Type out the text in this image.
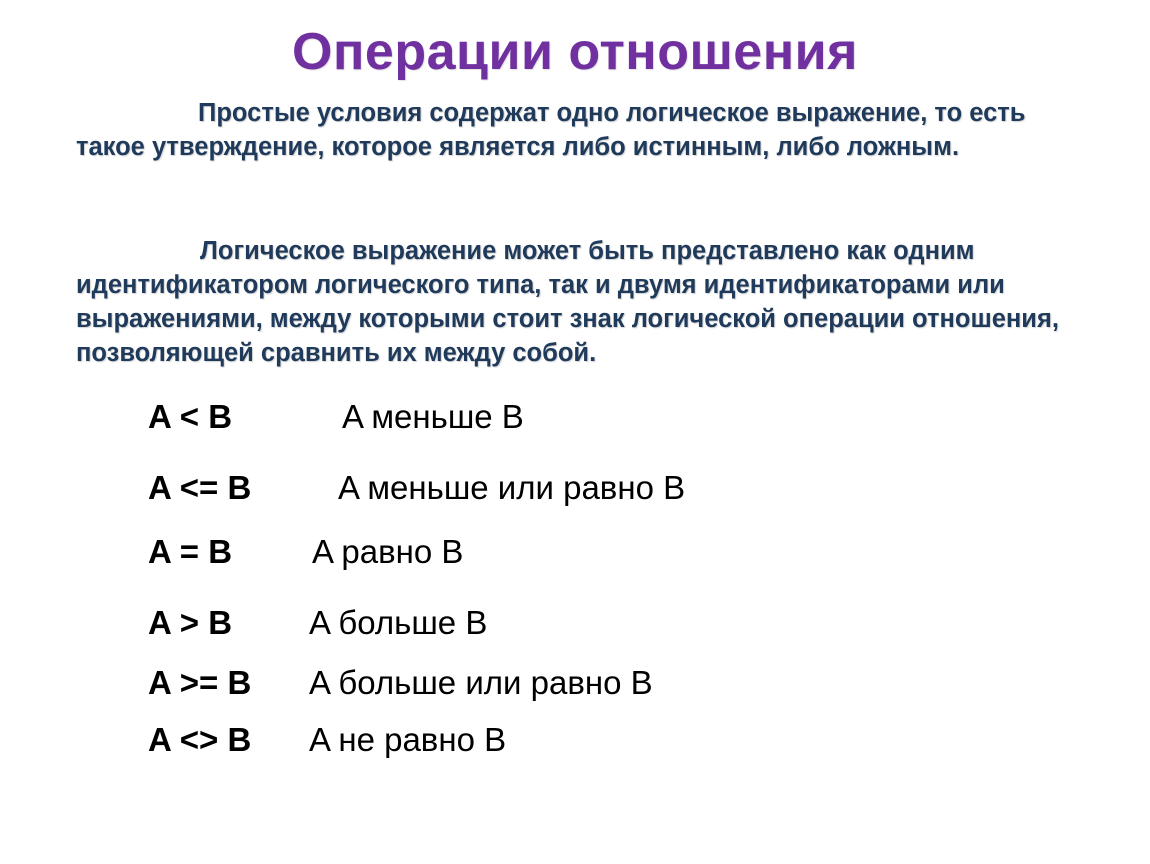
Операции отношения

Простые условия содержат одно логическое выражение, то есть такое утверждение, которое является либо истинным, либо ложным.

Логическое выражение может быть представлено как одним идентификатором логического типа, так и двумя идентификаторами или выражениями, между которыми стоит знак логической операции отношения, позволяющей сравнить их между собой.

A < B	A меньше B
A <= B	A меньше или равно B
A = B A равно B
A > B A больше B
A >= B A больше или равно B
A <> B A не равно B
